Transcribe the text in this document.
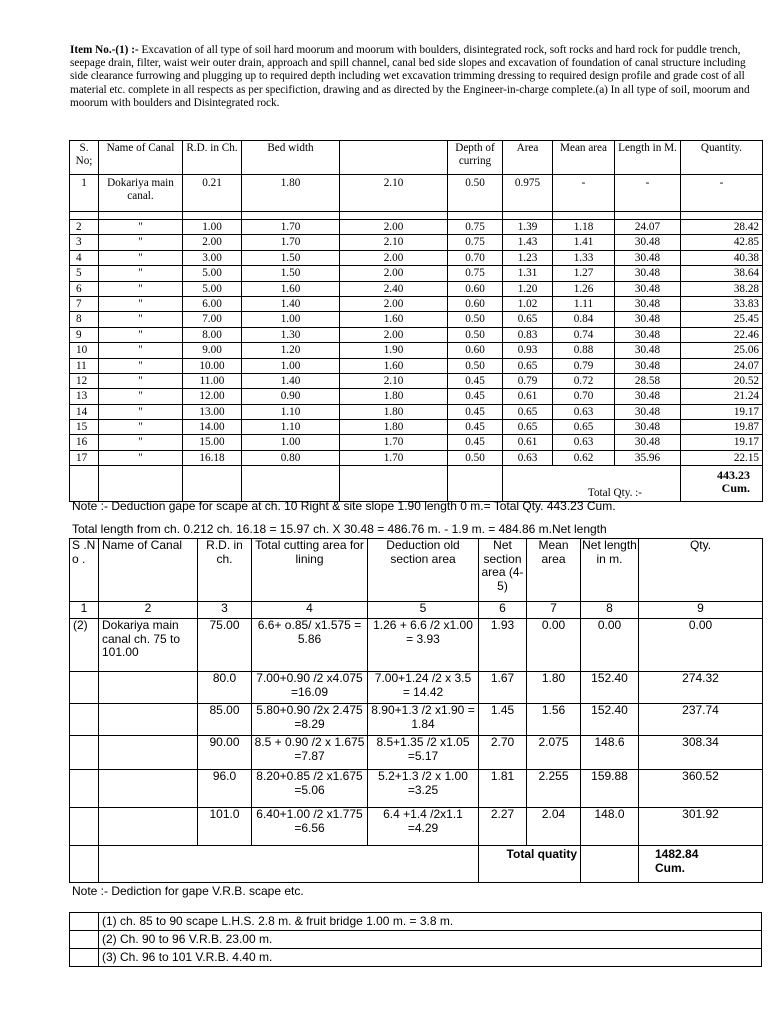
Item No.-(1) :- Excavation of all type of soil hard moorum and moorum with boulders, disintegrated rock, soft rocks and hard rock for puddle trench, seepage drain, filter, waist weir outer drain, approach and spill channel, canal bed side slopes and excavation of foundation of canal structure including side clearance furrowing and plugging up to required depth including wet excavation trimming dressing to required design profile and grade cost of all material etc. complete in all respects as per specifiction, drawing and as directed by the Engineer-in-charge complete.(a) In all type of soil, moorum and moorum with boulders and Disintegrated rock.

S. No;	Name of Canal	R.D. in Ch.	Bed width		Depth of curring	Area	Mean area	Length in M.	Quantity.
1	Dokariya main canal.	0.21	1.80	2.10	0.50	0.975	-	-	-

2	"	1.00	1.70	2.00	0.75	1.39	1.18	24.07	28.42
3	"	2.00	1.70	2.10	0.75	1.43	1.41	30.48	42.85
4	"	3.00	1.50	2.00	0.70	1.23	1.33	30.48	40.38
5	"	5.00	1.50	2.00	0.75	1.31	1.27	30.48	38.64
6	"	5.00	1.60	2.40	0.60	1.20	1.26	30.48	38.28
7	"	6.00	1.40	2.00	0.60	1.02	1.11	30.48	33.83
8	"	7.00	1.00	1.60	0.50	0.65	0.84	30.48	25.45
9	"	8.00	1.30	2.00	0.50	0.83	0.74	30.48	22.46
10	"	9.00	1.20	1.90	0.60	0.93	0.88	30.48	25.06
11	"	10.00	1.00	1.60	0.50	0.65	0.79	30.48	24.07
12	"	11.00	1.40	2.10	0.45	0.79	0.72	28.58	20.52
13	"	12.00	0.90	1.80	0.45	0.61	0.70	30.48	21.24
14	"	13.00	1.10	1.80	0.45	0.65	0.63	30.48	19.17
15	"	14.00	1.10	1.80	0.45	0.65	0.65	30.48	19.87
16	"	15.00	1.00	1.70	0.45	0.61	0.63	30.48	19.17
17	"	16.18	0.80	1.70	0.50	0.63	0.62	35.96	22.15
						Total Qty. :-			443.23
Cum.

Note :- Deduction gape for scape at ch. 10 Right & site slope 1.90 length 0 m.= Total Qty. 443.23 Cum.

Total length from ch. 0.212 ch. 16.18 = 15.97 ch. X 30.48 = 486.76 m. - 1.9 m. = 484.86 m.Net length

S .No .	Name of Canal	R.D. in ch.	Total cutting area for lining	Deduction old section area	Net section area (4-5)	Mean area	Net length in m.	Qty.
1	2	3	4	5	6	7	8	9
(2)	Dokariya main canal ch. 75 to 101.00	75.00	6.6+ o.85/ x1.575 = 5.86	1.26 + 6.6 /2 x1.00 = 3.93	1.93	0.00	0.00	0.00
		80.0	7.00+0.90 /2 x4.075 =16.09	7.00+1.24 /2 x 3.5 = 14.42	1.67	1.80	152.40	274.32
		85.00	5.80+0.90 /2x 2.475 =8.29	8.90+1.3 /2 x1.90 = 1.84	1.45	1.56	152.40	237.74
		90.00	8.5 + 0.90 /2 x 1.675 =7.87	8.5+1.35 /2 x1.05 =5.17	2.70	2.075	148.6	308.34
		96.0	8.20+0.85 /2 x1.675 =5.06	5.2+1.3 /2 x 1.00 =3.25	1.81	2.255	159.88	360.52
		101.0	6.40+1.00 /2 x1.775 =6.56	6.4 +1.4 /2x1.1 =4.29	2.27	2.04	148.0	301.92
					Total quatity			1482.84
Cum.

Note :- Dediction for gape V.R.B. scape etc.

	(1) ch. 85 to 90 scape L.H.S. 2.8 m. & fruit bridge 1.00 m. = 3.8 m.
	(2) Ch. 90 to 96 V.R.B. 23.00 m.
	(3) Ch. 96 to 101 V.R.B. 4.40 m.
